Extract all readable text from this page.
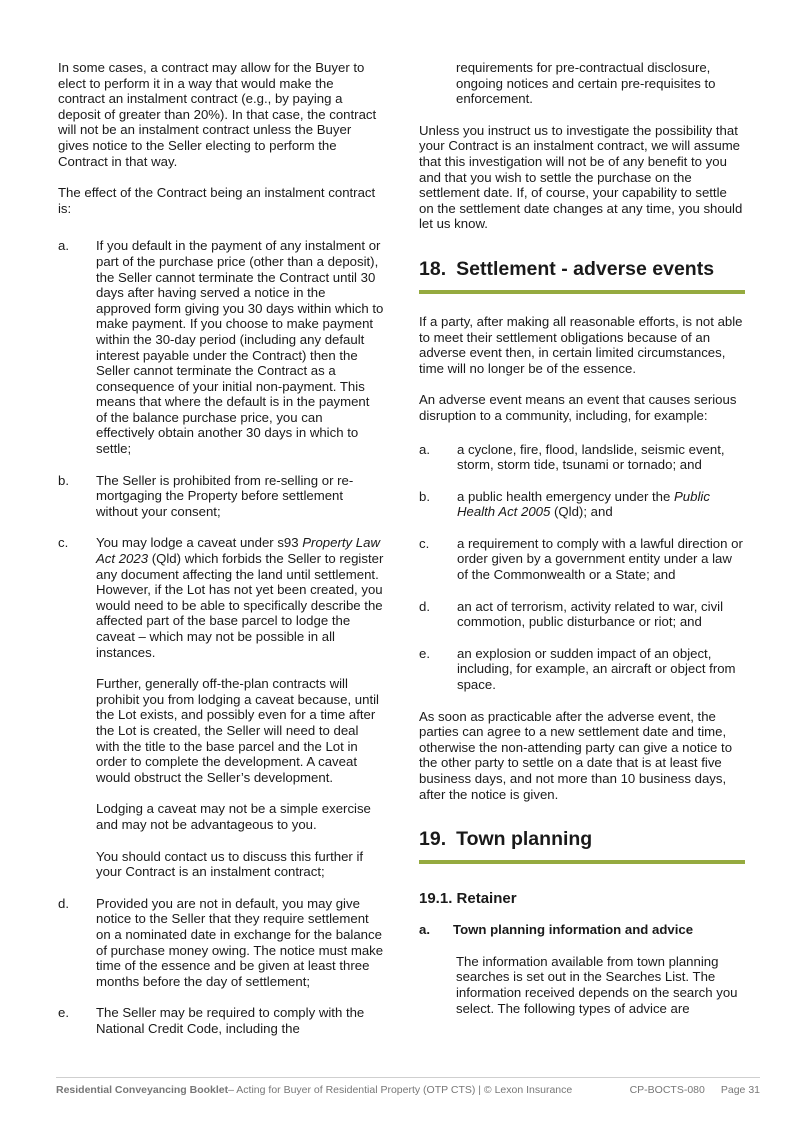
In some cases, a contract may allow for the Buyer to elect to perform it in a way that would make the contract an instalment contract (e.g., by paying a deposit of greater than 20%). In that case, the contract will not be an instalment contract unless the Buyer gives notice to the Seller electing to perform the Contract in that way.

The effect of the Contract being an instalment contract is:

a.	If you default in the payment of any instalment or part of the purchase price (other than a deposit), the Seller cannot terminate the Contract until 30 days after having served a notice in the approved form giving you 30 days within which to make payment. If you choose to make payment within the 30-day period (including any default interest payable under the Contract) then the Seller cannot terminate the Contract as a consequence of your initial non-payment. This means that where the default is in the payment of the balance purchase price, you can effectively obtain another 30 days in which to settle;

b.	The Seller is prohibited from re-selling or re-mortgaging the Property before settlement without your consent;

c.	You may lodge a caveat under s93 Property Law Act 2023 (Qld) which forbids the Seller to register any document affecting the land until settlement. However, if the Lot has not yet been created, you would need to be able to specifically describe the affected part of the base parcel to lodge the caveat – which may not be possible in all instances.

Further, generally off-the-plan contracts will prohibit you from lodging a caveat because, until the Lot exists, and possibly even for a time after the Lot is created, the Seller will need to deal with the title to the base parcel and the Lot in order to complete the development. A caveat would obstruct the Seller’s development.

Lodging a caveat may not be a simple exercise and may not be advantageous to you.

You should contact us to discuss this further if your Contract is an instalment contract;

d.	Provided you are not in default, you may give notice to the Seller that they require settlement on a nominated date in exchange for the balance of purchase money owing. The notice must make time of the essence and be given at least three months before the day of settlement;

e.	The Seller may be required to comply with the National Credit Code, including the

requirements for pre-contractual disclosure, ongoing notices and certain pre-requisites to enforcement.

Unless you instruct us to investigate the possibility that your Contract is an instalment contract, we will assume that this investigation will not be of any benefit to you and that you wish to settle the purchase on the settlement date. If, of course, your capability to settle on the settlement date changes at any time, you should let us know.

18. Settlement - adverse events

If a party, after making all reasonable efforts, is not able to meet their settlement obligations because of an adverse event then, in certain limited circumstances, time will no longer be of the essence.

An adverse event means an event that causes serious disruption to a community, including, for example:

a.	a cyclone, fire, flood, landslide, seismic event, storm, storm tide, tsunami or tornado; and

b.	a public health emergency under the Public Health Act 2005 (Qld); and

c.	a requirement to comply with a lawful direction or order given by a government entity under a law of the Commonwealth or a State; and

d.	an act of terrorism, activity related to war, civil commotion, public disturbance or riot; and

e.	an explosion or sudden impact of an object, including, for example, an aircraft or object from space.

As soon as practicable after the adverse event, the parties can agree to a new settlement date and time, otherwise the non-attending party can give a notice to the other party to settle on a date that is at least five business days, and not more than 10 business days, after the notice is given.

19. Town planning
19.1. Retainer
a.	Town planning information and advice

The information available from town planning searches is set out in the Searches List. The information received depends on the search you select. The following types of advice are

Residential Conveyancing Booklet – Acting for Buyer of Residential Property (OTP CTS) | © Lexon Insurance	CP-BOCTS-080 Page 31
